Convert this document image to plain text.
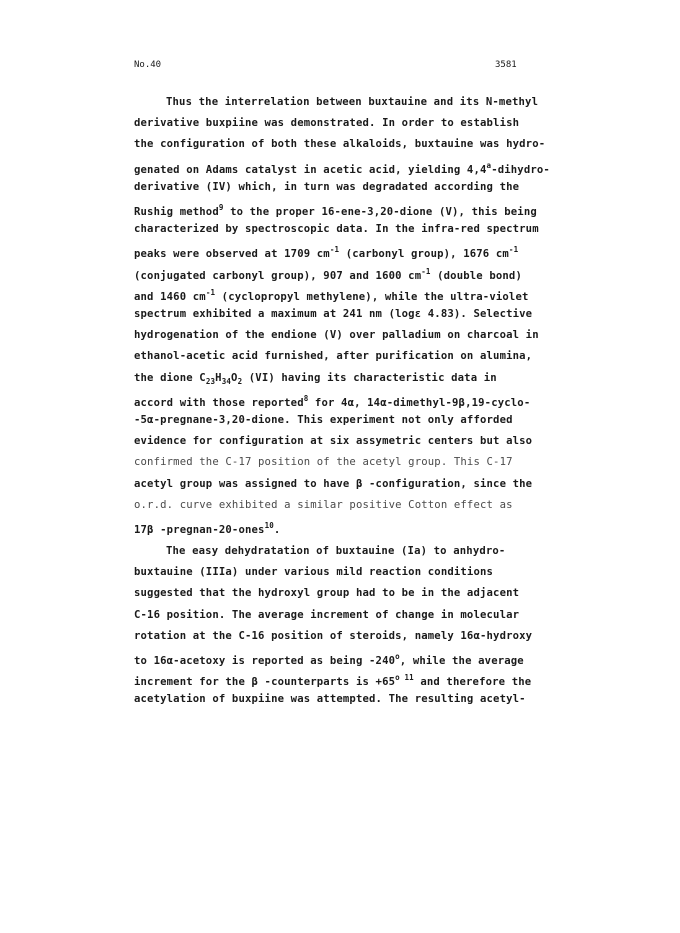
No.40	3581
Thus the interrelation between buxtauine and its N-methyl
derivative buxpiine was demonstrated. In order to establish
the configuration of both these alkaloids, buxtauine was hydro-
genated on Adams catalyst in acetic acid, yielding 4,4$^a$-dihydro-
derivative (IV) which, in turn was degradated according the
Rushig method$^9$ to the proper 16-ene-3,20-dione (V), this being
characterized by spectroscopic data. In the infra-red spectrum
peaks were observed at 1709 $cm^{-1}$ (carbonyl group), 1676 $cm^{-1}$
(conjugated carbonyl group), 907 and 1600 $cm^{-1}$ (double bond)
and 1460 $cm^{-1}$ (cyclopropyl methylene), while the ultra-violet
spectrum exhibited a maximum at 241 nm (logε 4.83). Selective
hydrogenation of the endione (V) over palladium on charcoal in
ethanol-acetic acid furnished, after purification on alumina,
the dione $C_{23}H_{34}O_2$ (VI) having its characteristic data in
accord with those reported$^8$ for 4α, 14α-dimethyl-9β,19-cyclo-
-5α-pregnane-3,20-dione. This experiment not only afforded
evidence for configuration at six assymetric centers but also
confirmed the C-17 position of the acetyl group. This C-17
acetyl group was assigned to have β -configuration, since the
o.r.d. curve exhibited a similar positive Cotton effect as
17β -pregnan-20-ones$^{10}$.
The easy dehydratation of buxtauine (Ia) to anhydro-
buxtauine (IIIa) under various mild reaction conditions
suggested that the hydroxyl group had to be in the adjacent
C-16 position. The average increment of change in molecular
rotation at the C-16 position of steroids, namely 16α-hydroxy
to 16α-acetoxy is reported as being -240$^o$, while the average
increment for the β -counterparts is $+65^{o 11}$ and therefore the
acetylation of buxpiine was attempted. The resulting acetyl-
